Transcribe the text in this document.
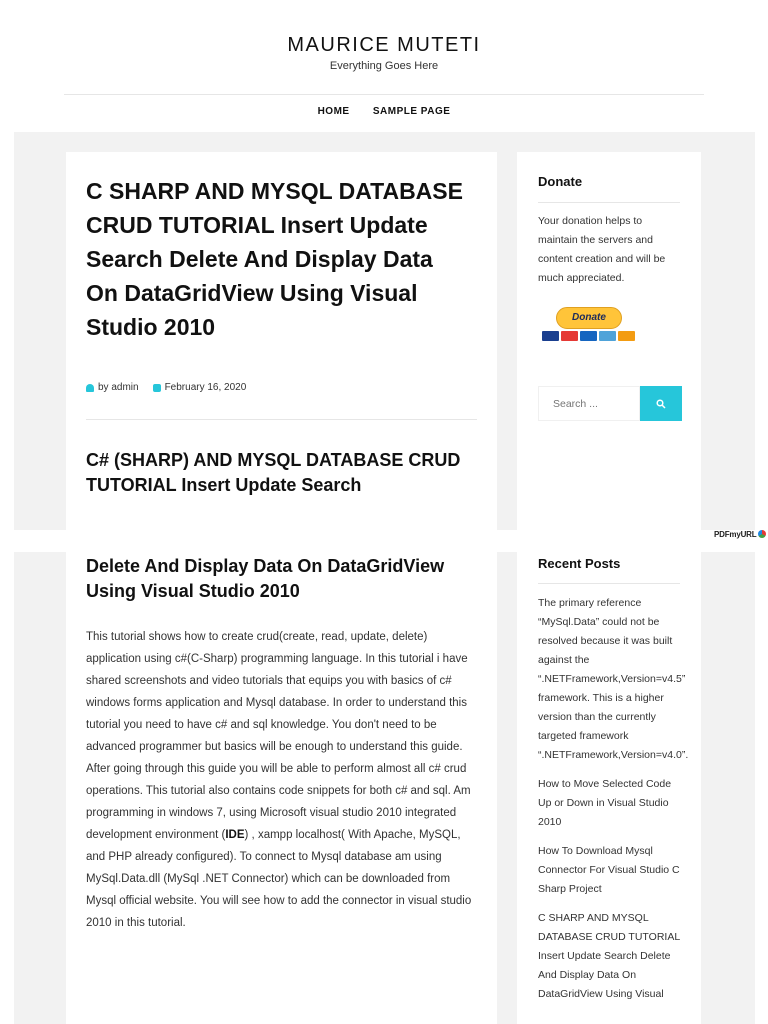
MAURICE MUTETI
Everything Goes Here
HOME SAMPLE PAGE
C SHARP AND MYSQL DATABASE CRUD TUTORIAL Insert Update Search Delete And Display Data On DataGridView Using Visual Studio 2010
by admin	February 16, 2020
C# (SHARP) AND MYSQL DATABASE CRUD TUTORIAL Insert Update Search
Delete And Display Data On DataGridView Using Visual Studio 2010

This tutorial shows how to create crud(create, read, update, delete) application using c#(C-Sharp) programming language. In this tutorial i have shared screenshots and video tutorials that equips you with basics of c# windows forms application and Mysql database. In order to understand this tutorial you need to have c# and sql knowledge. You don't need to be advanced programmer but basics will be enough to understand this guide. After going through this guide you will be able to perform almost all c# crud operations. This tutorial also contains code snippets for both c# and sql. Am programming in windows 7, using Microsoft visual studio 2010 integrated development environment (IDE) , xampp localhost( With Apache, MySQL, and PHP already configured). To connect to Mysql database am using MySql.Data.dll (MySql .NET Connector) which can be downloaded from Mysql official website. You will see how to add the connector in visual studio 2010 in this tutorial.

Donate
Your donation helps to maintain the servers and content creation and will be much appreciated.
Donate
Search ...
PDFmyURL
Recent Posts
The primary reference “MySql.Data” could not be resolved because it was built against the “.NETFramework,Version=v4.5” framework. This is a higher version than the currently targeted framework “.NETFramework,Version=v4.0”.
How to Move Selected Code Up or Down in Visual Studio 2010
How To Download Mysql Connector For Visual Studio C Sharp Project
C SHARP AND MYSQL DATABASE CRUD TUTORIAL Insert Update Search Delete And Display Data On DataGridView Using Visual
